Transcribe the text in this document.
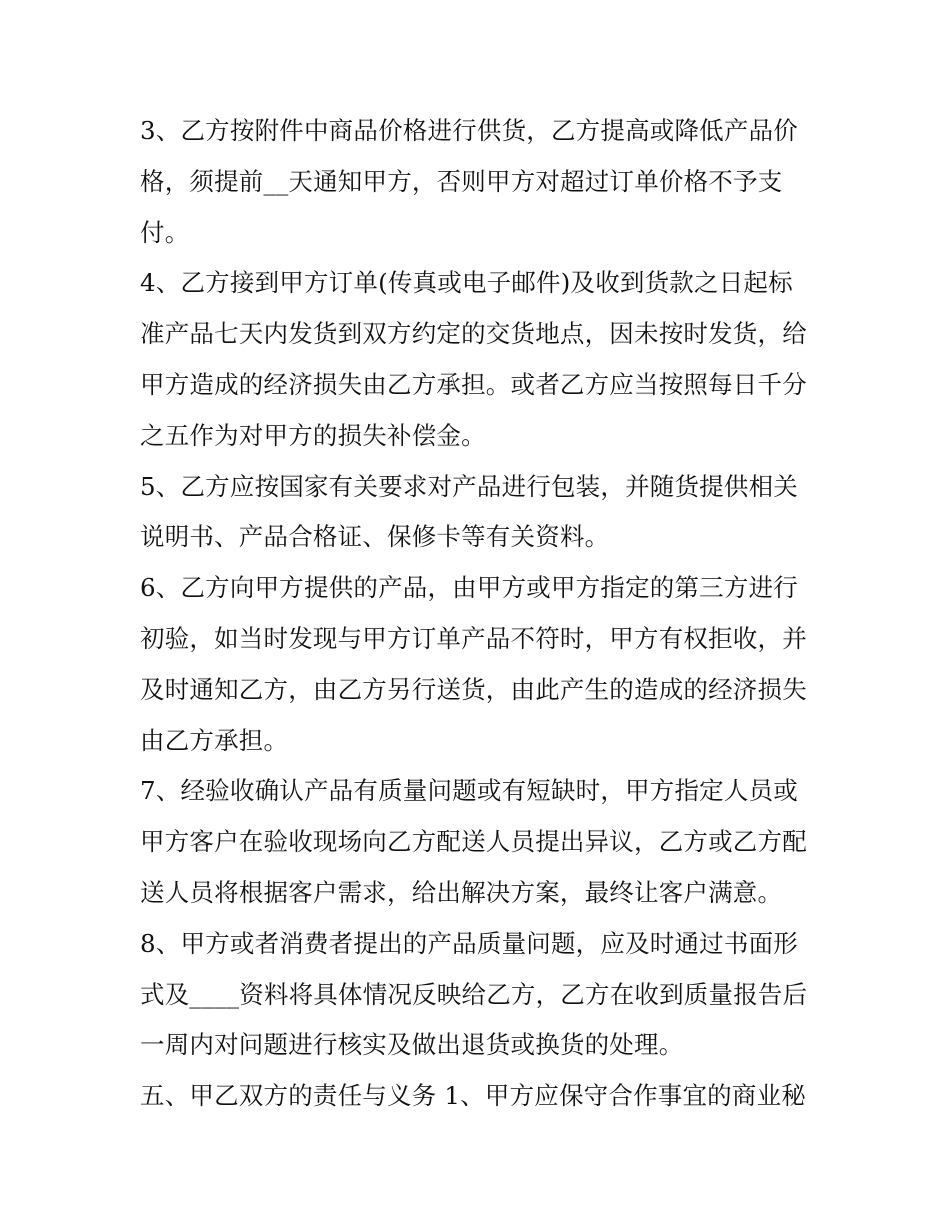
3、乙方按附件中商品价格进行供货，乙方提高或降低产品价
格，须提前__天通知甲方，否则甲方对超过订单价格不予支
付。
4、乙方接到甲方订单(传真或电子邮件)及收到货款之日起标
准产品七天内发货到双方约定的交货地点，因未按时发货，给
甲方造成的经济损失由乙方承担。或者乙方应当按照每日千分
之五作为对甲方的损失补偿金。
5、乙方应按国家有关要求对产品进行包装，并随货提供相关
说明书、产品合格证、保修卡等有关资料。
6、乙方向甲方提供的产品，由甲方或甲方指定的第三方进行
初验，如当时发现与甲方订单产品不符时，甲方有权拒收，并
及时通知乙方，由乙方另行送货，由此产生的造成的经济损失
由乙方承担。
7、经验收确认产品有质量问题或有短缺时，甲方指定人员或
甲方客户在验收现场向乙方配送人员提出异议，乙方或乙方配
送人员将根据客户需求，给出解决方案，最终让客户满意。
8、甲方或者消费者提出的产品质量问题，应及时通过书面形
式及____资料将具体情况反映给乙方，乙方在收到质量报告后
一周内对问题进行核实及做出退货或换货的处理。
五、甲乙双方的责任与义务 1、甲方应保守合作事宜的商业秘
